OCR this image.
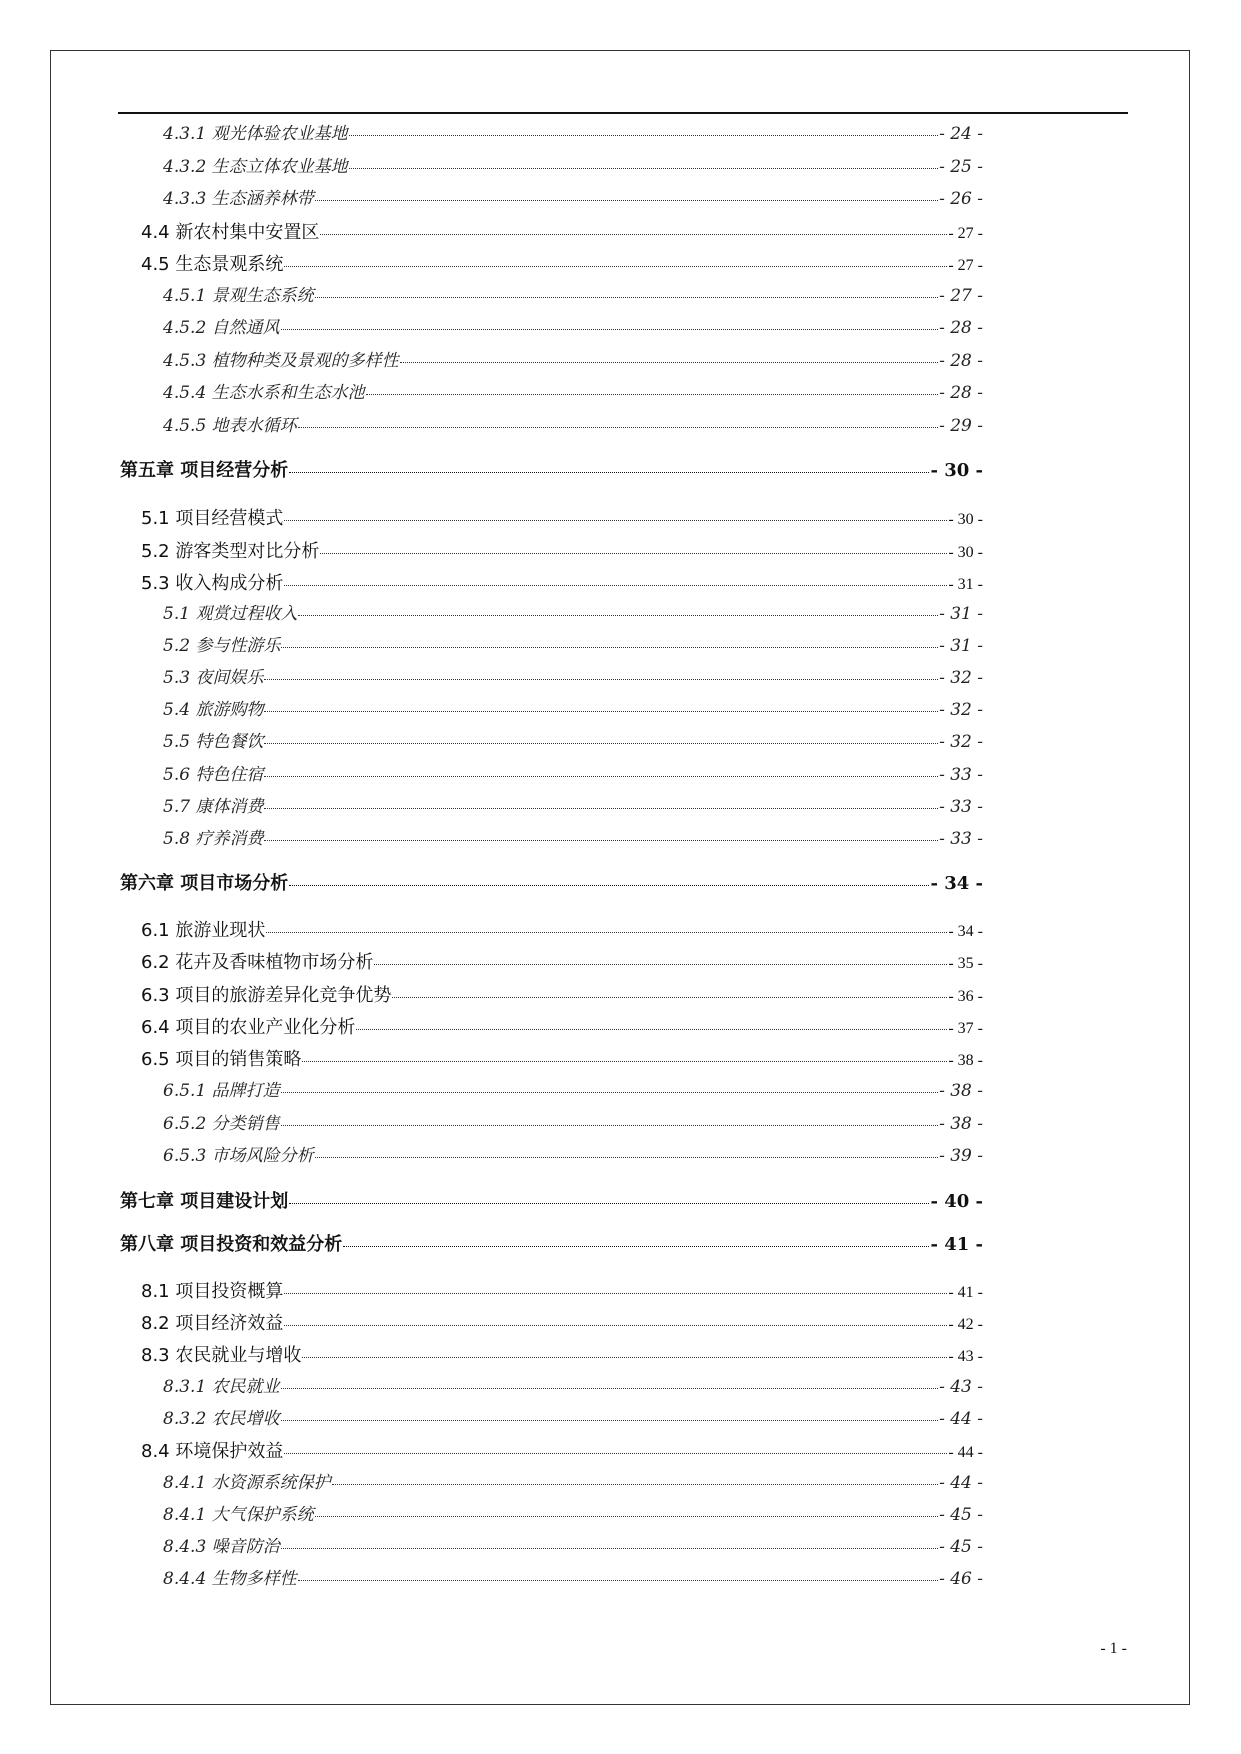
4.3.1 观光体验农业基地	- 24 -
4.3.2 生态立体农业基地	- 25 -
4.3.3 生态涵养林带	- 26 -
4.4 新农村集中安置区	- 27 -
4.5 生态景观系统	- 27 -
4.5.1 景观生态系统	- 27 -
4.5.2 自然通风	- 28 -
4.5.3 植物种类及景观的多样性	- 28 -
4.5.4 生态水系和生态水池	- 28 -
4.5.5 地表水循环	- 29 -
第五章 项目经营分析	- 30 -
5.1 项目经营模式	- 30 -
5.2 游客类型对比分析	- 30 -
5.3 收入构成分析	- 31 -
5.1 观赏过程收入	- 31 -
5.2 参与性游乐	- 31 -
5.3 夜间娱乐	- 32 -
5.4 旅游购物	- 32 -
5.5 特色餐饮	- 32 -
5.6 特色住宿	- 33 -
5.7 康体消费	- 33 -
5.8 疗养消费	- 33 -
第六章 项目市场分析	- 34 -
6.1 旅游业现状	- 34 -
6.2 花卉及香味植物市场分析	- 35 -
6.3 项目的旅游差异化竞争优势	- 36 -
6.4 项目的农业产业化分析	- 37 -
6.5 项目的销售策略	- 38 -
6.5.1 品牌打造	- 38 -
6.5.2 分类销售	- 38 -
6.5.3 市场风险分析	- 39 -
第七章 项目建设计划	- 40 -
第八章 项目投资和效益分析	- 41 -
8.1 项目投资概算	- 41 -
8.2 项目经济效益	- 42 -
8.3 农民就业与增收	- 43 -
8.3.1 农民就业	- 43 -
8.3.2 农民增收	- 44 -
8.4 环境保护效益	- 44 -
8.4.1 水资源系统保护	- 44 -
8.4.1 大气保护系统	- 45 -
8.4.3 噪音防治	- 45 -
8.4.4 生物多样性	- 46 -
- 1 -
